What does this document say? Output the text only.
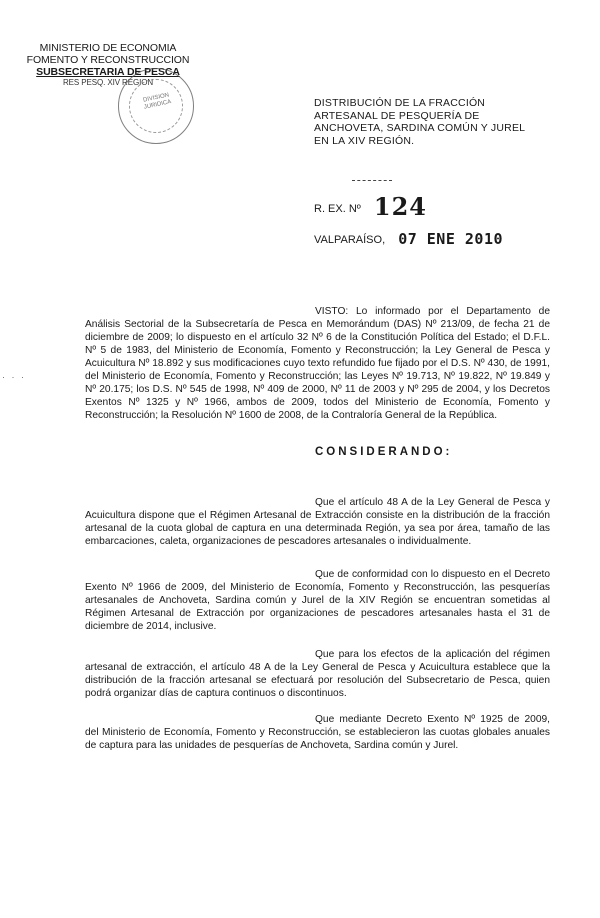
MINISTERIO DE ECONOMIA
FOMENTO Y RECONSTRUCCION
SUBSECRETARIA DE PESCA
RES PESQ. XIV REGION
DIVISION JURIDICA	DISTRIBUCIÓN DE LA FRACCIÓN
ARTESANAL DE PESQUERÍA DE
ANCHOVETA, SARDINA COMÚN Y JUREL
EN LA XIV REGIÓN.
R. EX. Nº 124
VALPARAÍSO, 07 ENE 2010
· · ·
VISTO: Lo informado por el Departamento de Análisis Sectorial de la Subsecretaría de Pesca en Memorándum (DAS) Nº 213/09, de fecha 21 de diciembre de 2009; lo dispuesto en el artículo 32 Nº 6 de la Constitución Política del Estado; el D.F.L. Nº 5 de 1983, del Ministerio de Economía, Fomento y Reconstrucción; la Ley General de Pesca y Acuicultura Nº 18.892 y sus modificaciones cuyo texto refundido fue fijado por el D.S. Nº 430, de 1991, del Ministerio de Economía, Fomento y Reconstrucción; las Leyes Nº 19.713, Nº 19.822, Nº 19.849 y Nº 20.175; los D.S. Nº 545 de 1998, Nº 409 de 2000, Nº 11 de 2003 y Nº 295 de 2004, y los Decretos Exentos Nº 1325 y Nº 1966, ambos de 2009, todos del Ministerio de Economía, Fomento y Reconstrucción; la Resolución Nº 1600 de 2008, de la Contraloría General de la República.
CONSIDERANDO:
Que el artículo 48 A de la Ley General de Pesca y Acuicultura dispone que el Régimen Artesanal de Extracción consiste en la distribución de la fracción artesanal de la cuota global de captura en una determinada Región, ya sea por área, tamaño de las embarcaciones, caleta, organizaciones de pescadores artesanales o individualmente.
Que de conformidad con lo dispuesto en el Decreto Exento Nº 1966 de 2009, del Ministerio de Economía, Fomento y Reconstrucción, las pesquerías artesanales de Anchoveta, Sardina común y Jurel de la XIV Región se encuentran sometidas al Régimen Artesanal de Extracción por organizaciones de pescadores artesanales hasta el 31 de diciembre de 2014, inclusive.
Que para los efectos de la aplicación del régimen artesanal de extracción, el artículo 48 A de la Ley General de Pesca y Acuicultura establece que la distribución de la fracción artesanal se efectuará por resolución del Subsecretario de Pesca, quien podrá organizar días de captura continuos o discontinuos.
Que mediante Decreto Exento Nº 1925 de 2009, del Ministerio de Economía, Fomento y Reconstrucción, se establecieron las cuotas globales anuales de captura para las unidades de pesquerías de Anchoveta, Sardina común y Jurel.
